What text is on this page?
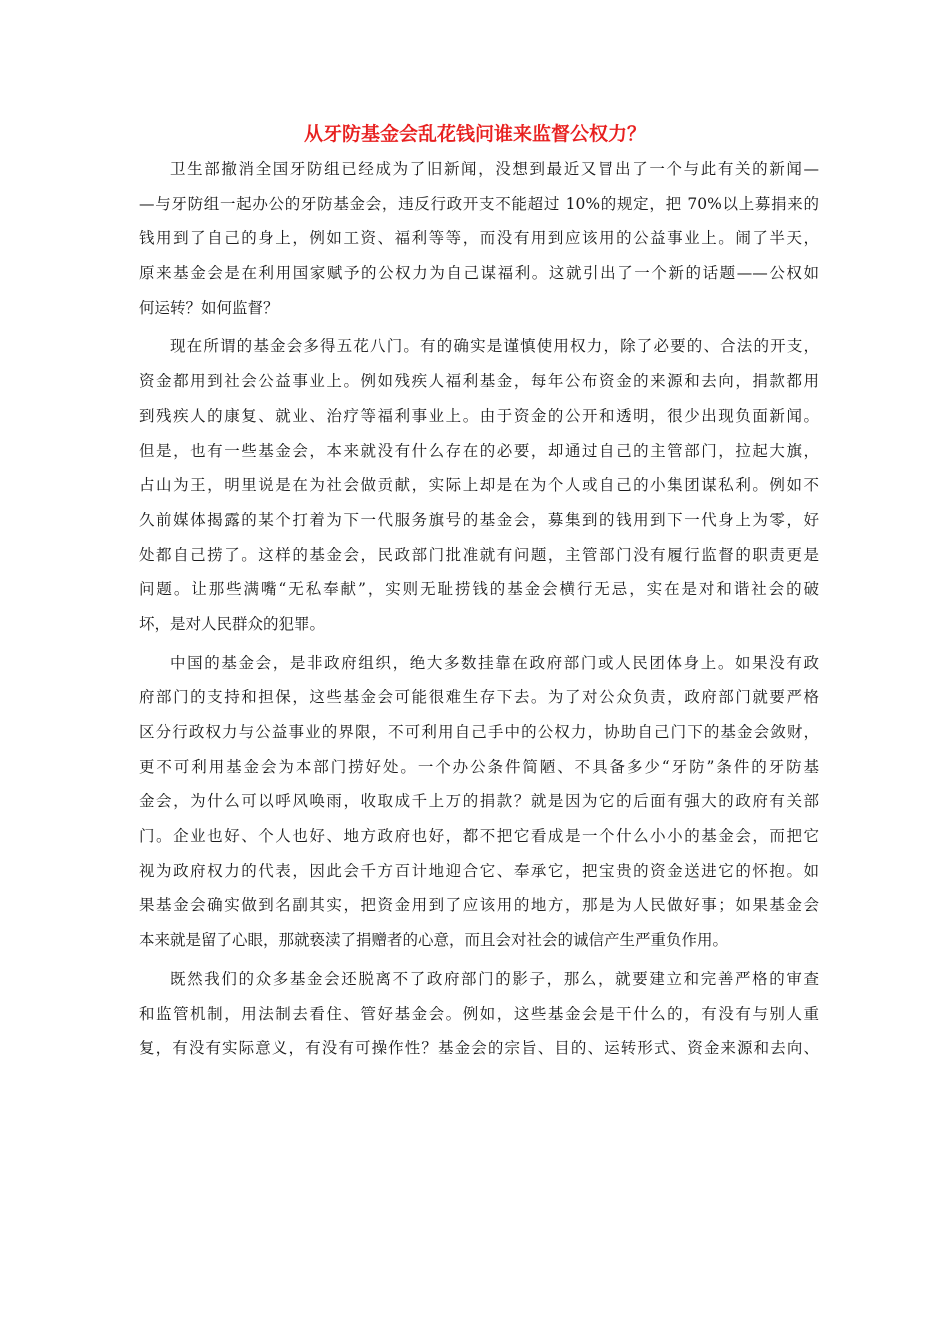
从牙防基金会乱花钱问谁来监督公权力？
卫生部撤消全国牙防组已经成为了旧新闻，没想到最近又冒出了一个与此有关的新闻—
—与牙防组一起办公的牙防基金会，违反行政开支不能超过 10%的规定，把 70%以上募捐来的
钱用到了自己的身上，例如工资、福利等等，而没有用到应该用的公益事业上。闹了半天，
原来基金会是在利用国家赋予的公权力为自己谋福利。这就引出了一个新的话题——公权如
何运转？如何监督？
现在所谓的基金会多得五花八门。有的确实是谨慎使用权力，除了必要的、合法的开支，
资金都用到社会公益事业上。例如残疾人福利基金，每年公布资金的来源和去向，捐款都用
到残疾人的康复、就业、治疗等福利事业上。由于资金的公开和透明，很少出现负面新闻。
但是，也有一些基金会，本来就没有什么存在的必要，却通过自己的主管部门，拉起大旗，
占山为王，明里说是在为社会做贡献，实际上却是在为个人或自己的小集团谋私利。例如不
久前媒体揭露的某个打着为下一代服务旗号的基金会，募集到的钱用到下一代身上为零，好
处都自己捞了。这样的基金会，民政部门批准就有问题，主管部门没有履行监督的职责更是
问题。让那些满嘴“无私奉献”，实则无耻捞钱的基金会横行无忌，实在是对和谐社会的破
坏，是对人民群众的犯罪。
中国的基金会，是非政府组织，绝大多数挂靠在政府部门或人民团体身上。如果没有政
府部门的支持和担保，这些基金会可能很难生存下去。为了对公众负责，政府部门就要严格
区分行政权力与公益事业的界限，不可利用自己手中的公权力，协助自己门下的基金会敛财，
更不可利用基金会为本部门捞好处。一个办公条件简陋、不具备多少“牙防”条件的牙防基
金会，为什么可以呼风唤雨，收取成千上万的捐款？就是因为它的后面有强大的政府有关部
门。企业也好、个人也好、地方政府也好，都不把它看成是一个什么小小的基金会，而把它
视为政府权力的代表，因此会千方百计地迎合它、奉承它，把宝贵的资金送进它的怀抱。如
果基金会确实做到名副其实，把资金用到了应该用的地方，那是为人民做好事；如果基金会
本来就是留了心眼，那就亵渎了捐赠者的心意，而且会对社会的诚信产生严重负作用。
既然我们的众多基金会还脱离不了政府部门的影子，那么，就要建立和完善严格的审查
和监管机制，用法制去看住、管好基金会。例如，这些基金会是干什么的，有没有与别人重
复，有没有实际意义，有没有可操作性？基金会的宗旨、目的、运转形式、资金来源和去向、
